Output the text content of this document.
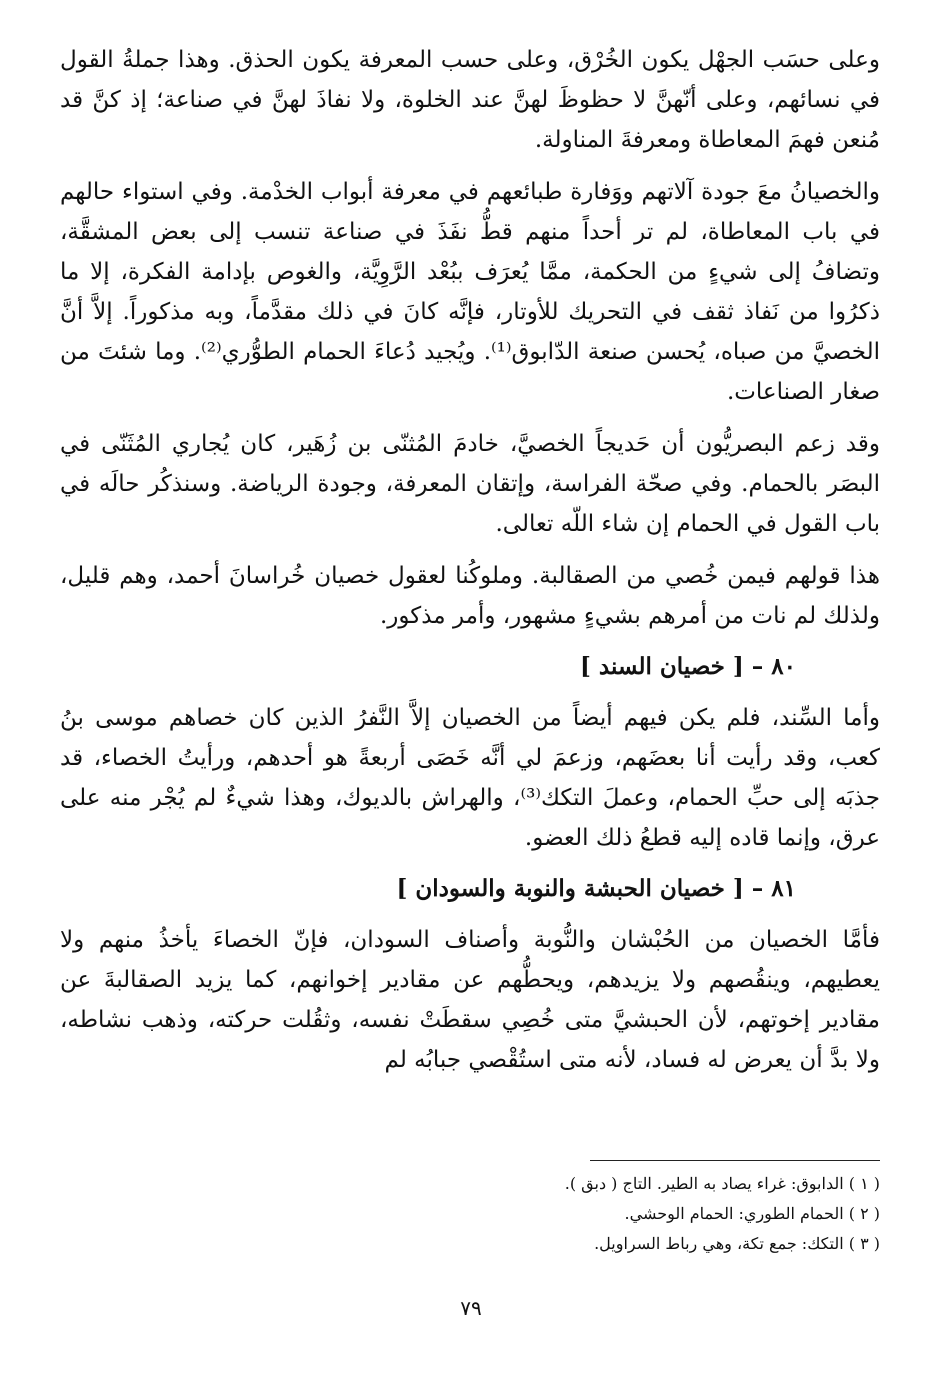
وعلى حسَب الجهْل يكون الخُرْق، وعلى حسب المعرفة يكون الحذق. وهذا جملةُ القول في نسائهم، وعلى أنّهنَّ لا حظوظَ لهنَّ عند الخلوة، ولا نفاذَ لهنَّ في صناعة؛ إذ كنَّ قد مُنعن فهمَ المعاطاة ومعرفةَ المناولة.

والخصيانُ معَ جودة آلاتهم ووَفارة طبائعهم في معرفة أبواب الخدْمة. وفي استواء حالهم في باب المعاطاة، لم تر أحداً منهم قطُّ نفَذَ في صناعة تنسب إلى بعض المشقَّة، وتضافُ إلى شيءٍ من الحكمة، ممَّا يُعرَف ببُعْد الرَّوِيَّة، والغوص بإدامة الفكرة، إلا ما ذكرُوا من نَفاذ ثقف في التحريك للأوتار، فإنَّه كانَ في ذلك مقدَّماً، وبه مذكوراً. إلاَّ أنَّ الخصيَّ من صباه، يُحسن صنعة الدّابوق⁽¹⁾. ويُجيد دُعاءَ الحمام الطوُّري⁽²⁾. وما شئتَ من صغار الصناعات.

وقد زعم البصريُّون أن حَديجاً الخصيَّ، خادمَ المُثنّى بن زُهَير، كان يُجاري المُثَنّى في البصَر بالحمام. وفي صحّة الفراسة، وإتقان المعرفة، وجودة الرياضة. وسنذكُر حالَه في باب القول في الحمام إن شاء اللّه تعالى.

هذا قولهم فيمن خُصي من الصقالبة. وملوكُنا لعقول خصيان خُراسانَ أحمد، وهم قليل، ولذلك لم نات من أمرهم بشيءٍ مشهور، وأمر مذكور.

٨٠ – [ خصيان السند ]

وأما السِّند، فلم يكن فيهم أيضاً من الخصيان إلاَّ النَّفرُ الذين كان خصاهم موسى بنُ كعب، وقد رأيت أنا بعضَهم، وزعمَ لي أنَّه خَصَى أربعةً هو أحدهم، ورأيتُ الخصاء، قد جذبَه إلى حبِّ الحمام، وعملَ التكك⁽³⁾، والهراش بالديوك، وهذا شيءٌ لم يُجْر منه على عرق، وإنما قاده إليه قطعُ ذلك العضو.

٨١ – [ خصيان الحبشة والنوبة والسودان ]

فأمَّا الخصيان من الحُبْشان والنُّوبة وأصناف السودان، فإنّ الخصاءَ يأخذُ منهم ولا يعطيهم، وينقُصهم ولا يزيدهم، ويحطُّهم عن مقادير إخوانهم، كما يزيد الصقالبةَ عن مقادير إخوتهم، لأن الحبشيَّ متى خُصِي سقطَتْ نفسه، وثقُلت حركته، وذهب نشاطه، ولا بدَّ أن يعرض له فساد، لأنه متى استُقْصي جبابُه لم

( ١ ) الدابوق: غراء يصاد به الطير. التاج ( دبق ).

( ٢ ) الحمام الطوري: الحمام الوحشي.

( ٣ ) التكك: جمع تكة، وهي رباط السراويل.

٧٩
